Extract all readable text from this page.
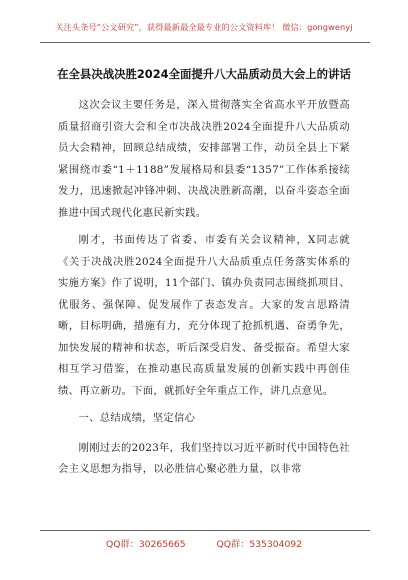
关注头条号“公文研究”，获得最新最全最专业的公文资料库！ 微信：gongwenyj
在全县决战决胜2024全面提升八大品质动员大会上的讲话

这次会议主要任务是，深入贯彻落实全省高水平开放暨高质量招商引资大会和全市决战决胜2024全面提升八大品质动员大会精神，回顾总结成绩，安排部署工作，动员全县上下紧紧围绕市委“1＋1188”发展格局和县委“1357”工作体系接续发力，迅速掀起冲锋冲刺、决战决胜新高潮，以奋斗姿态全面推进中国式现代化惠民新实践。

刚才，书面传达了省委、市委有关会议精神，X同志就《关于决战决胜2024全面提升八大品质重点任务落实体系的实施方案》作了说明，11个部门、镇办负责同志围绕抓项目、优服务、强保障、促发展作了表态发言。大家的发言思路清晰，目标明确，措施有力，充分体现了抢抓机遇、奋勇争先，加快发展的精神和状态，听后深受启发、备受振奋。希望大家相互学习借鉴，在推动惠民高质量发展的创新实践中再创佳绩、再立新功。下面，就抓好全年重点工作，讲几点意见。

一、总结成绩，坚定信心

刚刚过去的2023年，我们坚持以习近平新时代中国特色社会主义思想为指导，以必胜信心聚必胜力量，以非常

QQ群：30265665	QQ群：535304092
